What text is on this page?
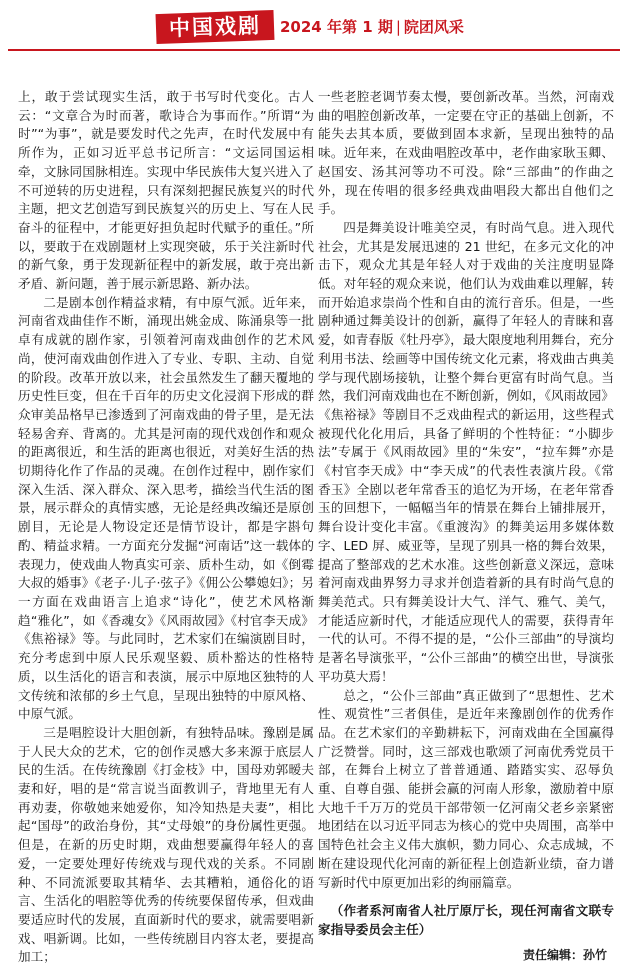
中国戏剧	2024 年第 1 期 | 院团风采

上，敢于尝试现实生活，敢于书写时代变化。古人云：“文章合为时而著，歌诗合为事而作。”所谓“为时”“为事”，就是要发时代之先声，在时代发展中有所作为，正如习近平总书记所言：“文运同国运相牵，文脉同国脉相连。实现中华民族伟大复兴进入了不可逆转的历史进程，只有深刻把握民族复兴的时代主题，把文艺创造写到民族复兴的历史上、写在人民奋斗的征程中，才能更好担负起时代赋予的重任。”所以，要敢于在戏剧题材上实现突破，乐于关注新时代的新气象，勇于发现新征程中的新发展，敢于亮出新矛盾、新问题，善于展示新思路、新办法。

二是剧本创作精益求精，有中原气派。近年来，河南省戏曲佳作不断，涌现出姚金成、陈涌泉等一批卓有成就的剧作家，引领着河南戏曲创作的艺术风尚，使河南戏曲创作进入了专业、专职、主动、自觉的阶段。改革开放以来，社会虽然发生了翻天覆地的历史性巨变，但在千百年的历史文化浸润下形成的群众审美品格早已渗透到了河南戏曲的骨子里，是无法轻易舍弃、背离的。尤其是河南的现代戏创作和观众的距离很近，和生活的距离也很近，对美好生活的热切期待化作了作品的灵魂。在创作过程中，剧作家们深入生活、深入群众、深入思考，描绘当代生活的图景，展示群众的真情实感，无论是经典改编还是原创剧目，无论是人物设定还是情节设计，都是字斟句酌、精益求精。一方面充分发掘“河南话”这一载体的表现力，使戏曲人物真实可亲、质朴生动，如《倒霉大叔的婚事》《老子·儿子·弦子》《佣公公攀媳妇》；另一方面在戏曲语言上追求“诗化”，使艺术风格渐趋“雅化”，如《香魂女》《风雨故园》《村官李天成》《焦裕禄》等。与此同时，艺术家们在编演剧目时，充分考虑到中原人民乐观坚毅、质朴豁达的性格特质，以生活化的语言和表演，展示中原地区独特的人文传统和浓郁的乡土气息，呈现出独特的中原风格、中原气派。

三是唱腔设计大胆创新，有独特品味。豫剧是属于人民大众的艺术，它的创作灵感大多来源于底层人民的生活。在传统豫剧《打金枝》中，国母劝郭暧夫妻和好，唱的是“常言说当面教训子，背地里无有人再劝妻，你敬她来她爱你，知冷知热是夫妻”，相比起“国母”的政治身份，其“丈母娘”的身份属性更强。但是，在新的历史时期，戏曲想要赢得年轻人的喜爱，一定要处理好传统戏与现代戏的关系。不同剧种、不同流派要取其精华、去其糟粕，通俗化的语言、生活化的唱腔等优秀的传统要保留传承，但戏曲要适应时代的发展，直面新时代的要求，就需要唱新戏、唱新调。比如，一些传统剧目内容太老，要提高加工；

一些老腔老调节奏太慢，要创新改革。当然，河南戏曲的唱腔创新改革，一定要在守正的基础上创新，不能失去其本质，要做到固本求新，呈现出独特的品味。近年来，在戏曲唱腔改革中，老作曲家耿玉卿、赵国安、汤其河等功不可没。除“三部曲”的作曲之外，现在传唱的很多经典戏曲唱段大都出自他们之手。

四是舞美设计唯美空灵，有时尚气息。进入现代社会，尤其是发展迅速的 21 世纪，在多元文化的冲击下，观众尤其是年轻人对于戏曲的关注度明显降低。对年轻的观众来说，他们认为戏曲难以理解，转而开始追求崇尚个性和自由的流行音乐。但是，一些剧种通过舞美设计的创新，赢得了年轻人的青睐和喜爱，如青春版《牡丹亭》，最大限度地利用舞台，充分利用书法、绘画等中国传统文化元素，将戏曲古典美学与现代剧场接轨，让整个舞台更富有时尚气息。当然，我们河南戏曲也在不断创新，例如，《风雨故园》《焦裕禄》等剧目不乏戏曲程式的新运用，这些程式被现代化化用后，具备了鲜明的个性特征：“小脚步法”专属于《风雨故园》里的“朱安”，“拉车舞”亦是《村官李天成》中“李天成”的代表性表演片段。《常香玉》全剧以老年常香玉的追忆为开场，在老年常香玉的回想下，一幅幅当年的情景在舞台上铺排展开，舞台设计变化丰富。《重渡沟》的舞美运用多媒体数字、LED 屏、威亚等，呈现了别具一格的舞台效果，提高了整部戏的艺术水准。这些创新意义深远，意味着河南戏曲界努力寻求并创造着新的具有时尚气息的舞美范式。只有舞美设计大气、洋气、雅气、美气，才能适应新时代，才能适应现代人的需要，获得青年一代的认可。不得不提的是，“公仆三部曲”的导演均是著名导演张平，“公仆三部曲”的横空出世，导演张平功莫大焉！

总之，“公仆三部曲”真正做到了“思想性、艺术性、观赏性”三者俱佳，是近年来豫剧创作的优秀作品。在艺术家们的辛勤耕耘下，河南戏曲在全国赢得广泛赞誉。同时，这三部戏也歌颂了河南优秀党员干部，在舞台上树立了普普通通、踏踏实实、忍辱负重、自尊自强、能拼会赢的河南人形象，激励着中原大地千千万万的党员干部带领一亿河南父老乡亲紧密地团结在以习近平同志为核心的党中央周围，高举中国特色社会主义伟大旗帜，勠力同心、众志成城，不断在建设现代化河南的新征程上创造新业绩，奋力谱写新时代中原更加出彩的绚丽篇章。

（作者系河南省人社厅原厅长，现任河南省文联专家指导委员会主任）

责任编辑：孙竹
